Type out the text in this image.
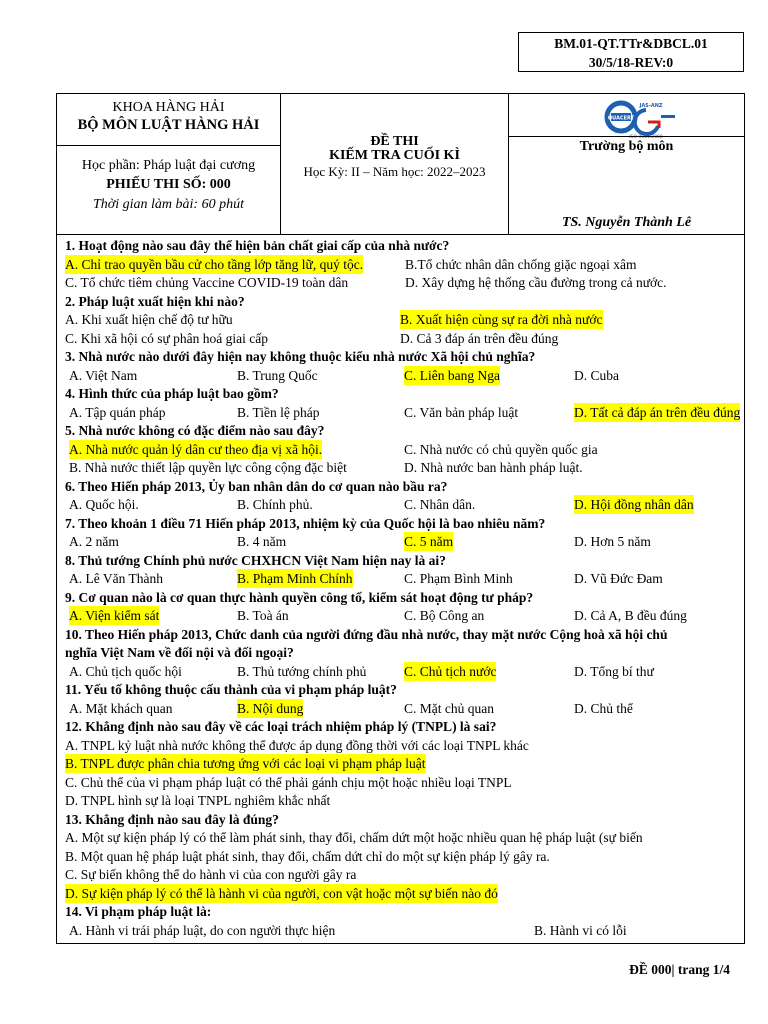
BM.01-QT.TTr&DBCL.01
30/5/18-REV:0
KHOA HÀNG HẢI
BỘ MÔN LUẬT HÀNG HẢI
Học phần: Pháp luật đại cương
PHIẾU THI SỐ: 000
Thời gian làm bài: 60 phút
ĐỀ THI
KIẾM TRA CUỐI KÌ
Học Kỳ: II – Năm học: 2022–2023
QUACERT
JAS-ANZ
ISO 9001:2008
Trường bộ môn
TS. Nguyễn Thành Lê
1. Hoạt động nào sau đây thể hiện bản chất giai cấp của nhà nước?
A. Chỉ trao quyền bầu cử cho tầng lớp tăng lữ, quý tộc.	B.Tổ chức nhân dân chống giặc ngoại xâm
C. Tổ chức tiêm chủng Vaccine COVID-19 toàn dân	D. Xây dựng hệ thống cầu đường trong cả nước.
2. Pháp luật xuất hiện khi nào?
A. Khi xuất hiện chế độ tư hữu	B. Xuất hiện cùng sự ra đời nhà nước
C. Khi xã hội có sự phân hoá giai cấp	D. Cả 3 đáp án trên đều đúng
3. Nhà nước nào dưới đây hiện nay không thuộc kiểu nhà nước Xã hội chủ nghĩa?
A. Việt Nam	B. Trung Quốc	C. Liên bang Nga	D. Cuba
4. Hình thức của pháp luật bao gồm?
A. Tập quán pháp	B. Tiền lệ pháp	C. Văn bản pháp luật	D. Tất cả đáp án trên đều đúng
5. Nhà nước không có đặc điểm nào sau đây?
A. Nhà nước quản lý dân cư theo địa vị xã hội.	C. Nhà nước có chủ quyền quốc gia
B. Nhà nước thiết lập quyền lực công cộng đặc biệt	D. Nhà nước ban hành pháp luật.
6. Theo Hiến pháp 2013, Ủy ban nhân dân do cơ quan nào bầu ra?
A. Quốc hội.	B. Chính phủ.	C. Nhân dân.	D. Hội đồng nhân dân
7. Theo khoản 1 điều 71 Hiến pháp 2013, nhiệm kỳ của Quốc hội là bao nhiêu năm?
A. 2 năm	B. 4 năm	C. 5 năm	D. Hơn 5 năm
8. Thủ tướng Chính phủ nước CHXHCN Việt Nam hiện nay là ai?
A. Lê Văn Thành	B. Phạm Minh Chính	C. Phạm Bình Minh	D. Vũ Đức Đam
9. Cơ quan nào là cơ quan thực hành quyền công tố, kiểm sát hoạt động tư pháp?
A. Viện kiểm sát	B. Toà án	C. Bộ Công an	D. Cả A, B đều đúng
10. Theo Hiến pháp 2013, Chức danh của người đứng đầu nhà nước, thay mặt nước Cộng hoà xã hội chủ
nghĩa Việt Nam về đối nội và đối ngoại?
A. Chủ tịch quốc hội	B. Thủ tướng chính phủ	C. Chủ tịch nước	D. Tổng bí thư
11. Yếu tố không thuộc cấu thành của vi phạm pháp luật?
A. Mặt khách quan	B. Nội dung	C. Mặt chủ quan	D. Chủ thể
12. Khẳng định nào sau đây về các loại trách nhiệm pháp lý (TNPL) là sai?
A. TNPL kỷ luật nhà nước không thể được áp dụng đồng thời với các loại TNPL khác
B. TNPL được phân chia tương ứng với các loại vi phạm pháp luật
C. Chủ thể của vi phạm pháp luật có thể phải gánh chịu một hoặc nhiều loại TNPL
D. TNPL hình sự là loại TNPL nghiêm khắc nhất
13. Khẳng định nào sau đây là đúng?
A. Một sự kiện pháp lý có thể làm phát sinh, thay đổi, chấm dứt một hoặc nhiều quan hệ pháp luật (sự biến
B. Một quan hệ pháp luật phát sinh, thay đổi, chấm dứt chỉ do một sự kiện pháp lý gây ra.
C. Sự biến không thể do hành vi của con người gây ra
D. Sự kiện pháp lý có thể là hành vi của người, con vật hoặc một sự biến nào đó
14. Vi phạm pháp luật là:
A. Hành vi trái pháp luật, do con người thực hiện	B. Hành vi có lỗi
ĐỀ 000| trang 1/4
